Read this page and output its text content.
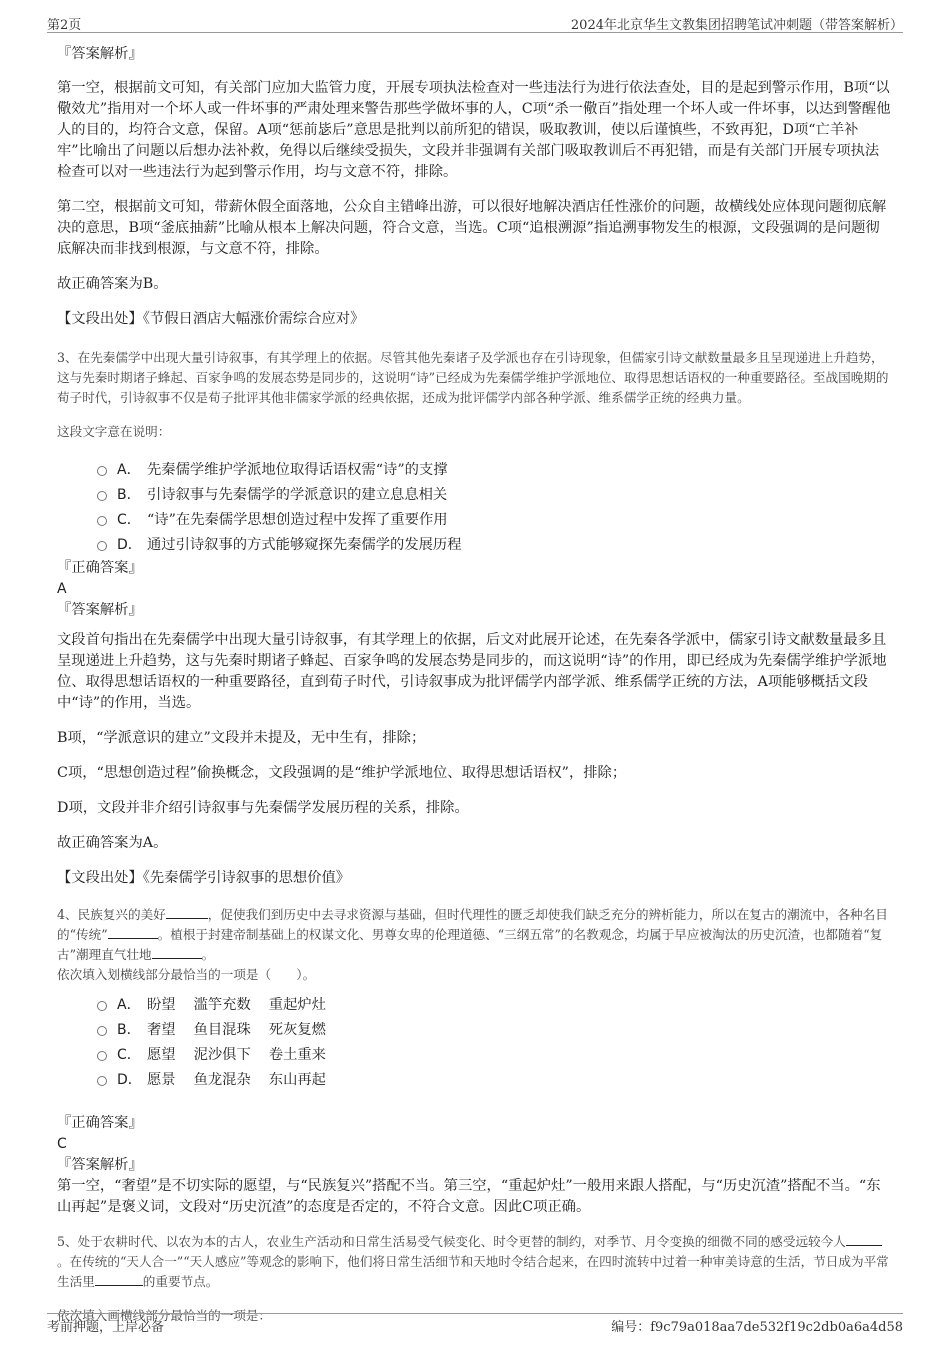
第2页	2024年北京华生文教集团招聘笔试冲刺题（带答案解析）
『答案解析』

第一空，根据前文可知，有关部门应加大监管力度，开展专项执法检查对一些违法行为进行依法查处，目的是起到警示作用，B项“以儆效尤”指用对一个坏人或一件坏事的严肃处理来警告那些学做坏事的人，C项“杀一儆百”指处理一个坏人或一件坏事，以达到警醒他人的目的，均符合文意，保留。A项“惩前毖后”意思是批判以前所犯的错误，吸取教训，使以后谨慎些，不致再犯，D项“亡羊补牢”比喻出了问题以后想办法补救，免得以后继续受损失，文段并非强调有关部门吸取教训后不再犯错，而是有关部门开展专项执法检查可以对一些违法行为起到警示作用，均与文意不符，排除。

第二空，根据前文可知，带薪休假全面落地，公众自主错峰出游，可以很好地解决酒店任性涨价的问题，故横线处应体现问题彻底解决的意思，B项“釜底抽薪”比喻从根本上解决问题，符合文意，当选。C项“追根溯源”指追溯事物发生的根源，文段强调的是问题彻底解决而非找到根源，与文意不符，排除。

故正确答案为B。

【文段出处】《节假日酒店大幅涨价需综合应对》

3、在先秦儒学中出现大量引诗叙事，有其学理上的依据。尽管其他先秦诸子及学派也存在引诗现象，但儒家引诗文献数量最多且呈现递进上升趋势，这与先秦时期诸子蜂起、百家争鸣的发展态势是同步的，这说明“诗”已经成为先秦儒学维护学派地位、取得思想话语权的一种重要路径。至战国晚期的荀子时代，引诗叙事不仅是荀子批评其他非儒家学派的经典依据，还成为批评儒学内部各种学派、维系儒学正统的经典力量。

这段文字意在说明：

A． 先秦儒学维护学派地位取得话语权需“诗”的支撑
B． 引诗叙事与先秦儒学的学派意识的建立息息相关
C． “诗”在先秦儒学思想创造过程中发挥了重要作用
D． 通过引诗叙事的方式能够窥探先秦儒学的发展历程
『正确答案』
A
『答案解析』

文段首句指出在先秦儒学中出现大量引诗叙事，有其学理上的依据，后文对此展开论述，在先秦各学派中，儒家引诗文献数量最多且呈现递进上升趋势，这与先秦时期诸子蜂起、百家争鸣的发展态势是同步的，而这说明“诗”的作用，即已经成为先秦儒学维护学派地位、取得思想话语权的一种重要路径，直到荀子时代，引诗叙事成为批评儒学内部学派、维系儒学正统的方法，A项能够概括文段中“诗”的作用，当选。

B项，“学派意识的建立”文段并未提及，无中生有，排除；

C项，“思想创造过程”偷换概念，文段强调的是“维护学派地位、取得思想话语权”，排除；

D项，文段并非介绍引诗叙事与先秦儒学发展历程的关系，排除。

故正确答案为A。

【文段出处】《先秦儒学引诗叙事的思想价值》

4、民族复兴的美好	，促使我们到历史中去寻求资源与基础，但时代理性的匮乏却使我们缺乏充分的辨析能力，所以在复古的潮流中，各种名目的“传统”	。植根于封建帝制基础上的权谋文化、男尊女卑的伦理道德、“三纲五常”的名教观念，均属于早应被淘汰的历史沉渣，也都随着“复古”潮理直气壮地	。

依次填入划横线部分最恰当的一项是（　　）。

A． 盼望 滥竽充数 重起炉灶
B． 奢望 鱼目混珠 死灰复燃
C． 愿望 泥沙俱下 卷土重来
D． 愿景 鱼龙混杂 东山再起
『正确答案』
C
『答案解析』

第一空，“奢望”是不切实际的愿望，与“民族复兴”搭配不当。第三空，“重起炉灶”一般用来跟人搭配，与“历史沉渣”搭配不当。“东山再起”是褒义词，文段对“历史沉渣”的态度是否定的，不符合文意。因此C项正确。

5、处于农耕时代、以农为本的古人，农业生产活动和日常生活易受气候变化、时令更替的制约，对季节、月令变换的细微不同的感受远较今人。在传统的“天人合一”“天人感应”等观念的影响下，他们将日常生活细节和天地时令结合起来，在四时流转中过着一种审美诗意的生活，节日成为平常生活里	的重要节点。

依次填入画横线部分最恰当的一项是：

考前押题，上岸必备	编号：f9c79a018aa7de532f19c2db0a6a4d58
